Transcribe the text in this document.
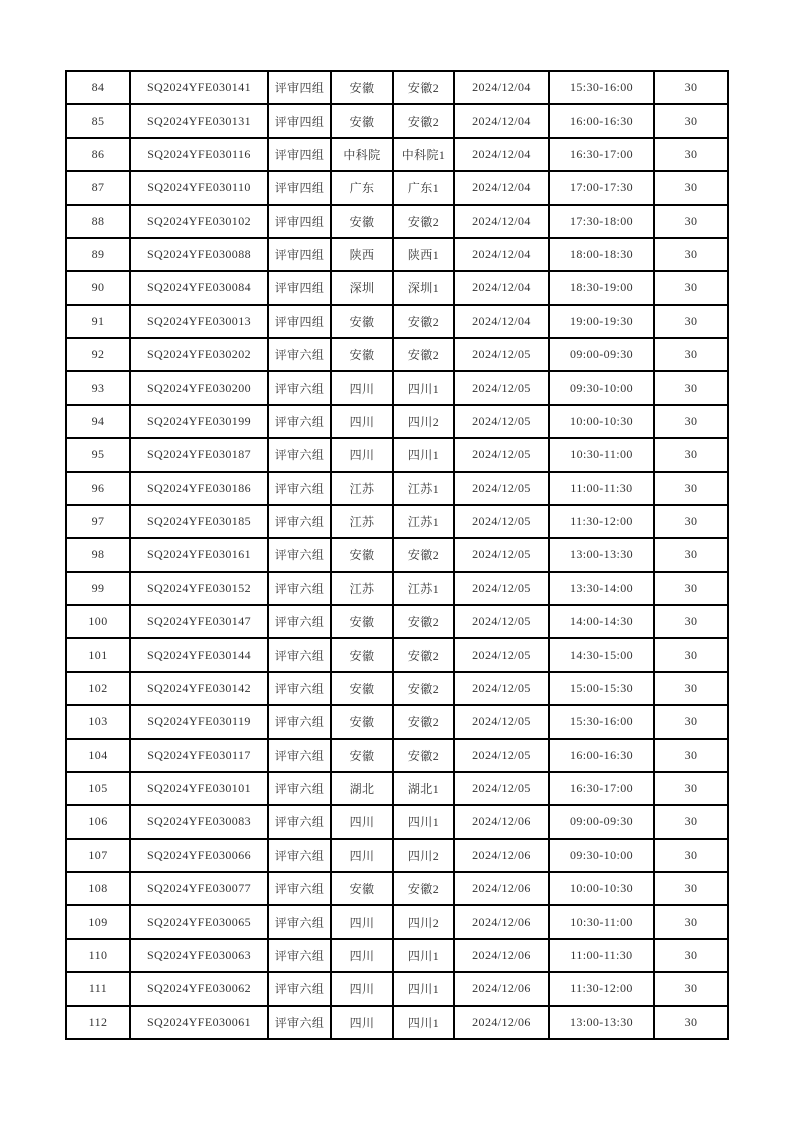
84	SQ2024YFE030141	评审四组	安徽	安徽2	2024/12/04	15:30-16:00	30
85	SQ2024YFE030131	评审四组	安徽	安徽2	2024/12/04	16:00-16:30	30
86	SQ2024YFE030116	评审四组	中科院	中科院1	2024/12/04	16:30-17:00	30
87	SQ2024YFE030110	评审四组	广东	广东1	2024/12/04	17:00-17:30	30
88	SQ2024YFE030102	评审四组	安徽	安徽2	2024/12/04	17:30-18:00	30
89	SQ2024YFE030088	评审四组	陕西	陕西1	2024/12/04	18:00-18:30	30
90	SQ2024YFE030084	评审四组	深圳	深圳1	2024/12/04	18:30-19:00	30
91	SQ2024YFE030013	评审四组	安徽	安徽2	2024/12/04	19:00-19:30	30
92	SQ2024YFE030202	评审六组	安徽	安徽2	2024/12/05	09:00-09:30	30
93	SQ2024YFE030200	评审六组	四川	四川1	2024/12/05	09:30-10:00	30
94	SQ2024YFE030199	评审六组	四川	四川2	2024/12/05	10:00-10:30	30
95	SQ2024YFE030187	评审六组	四川	四川1	2024/12/05	10:30-11:00	30
96	SQ2024YFE030186	评审六组	江苏	江苏1	2024/12/05	11:00-11:30	30
97	SQ2024YFE030185	评审六组	江苏	江苏1	2024/12/05	11:30-12:00	30
98	SQ2024YFE030161	评审六组	安徽	安徽2	2024/12/05	13:00-13:30	30
99	SQ2024YFE030152	评审六组	江苏	江苏1	2024/12/05	13:30-14:00	30
100	SQ2024YFE030147	评审六组	安徽	安徽2	2024/12/05	14:00-14:30	30
101	SQ2024YFE030144	评审六组	安徽	安徽2	2024/12/05	14:30-15:00	30
102	SQ2024YFE030142	评审六组	安徽	安徽2	2024/12/05	15:00-15:30	30
103	SQ2024YFE030119	评审六组	安徽	安徽2	2024/12/05	15:30-16:00	30
104	SQ2024YFE030117	评审六组	安徽	安徽2	2024/12/05	16:00-16:30	30
105	SQ2024YFE030101	评审六组	湖北	湖北1	2024/12/05	16:30-17:00	30
106	SQ2024YFE030083	评审六组	四川	四川1	2024/12/06	09:00-09:30	30
107	SQ2024YFE030066	评审六组	四川	四川2	2024/12/06	09:30-10:00	30
108	SQ2024YFE030077	评审六组	安徽	安徽2	2024/12/06	10:00-10:30	30
109	SQ2024YFE030065	评审六组	四川	四川2	2024/12/06	10:30-11:00	30
110	SQ2024YFE030063	评审六组	四川	四川1	2024/12/06	11:00-11:30	30
111	SQ2024YFE030062	评审六组	四川	四川1	2024/12/06	11:30-12:00	30
112	SQ2024YFE030061	评审六组	四川	四川1	2024/12/06	13:00-13:30	30
